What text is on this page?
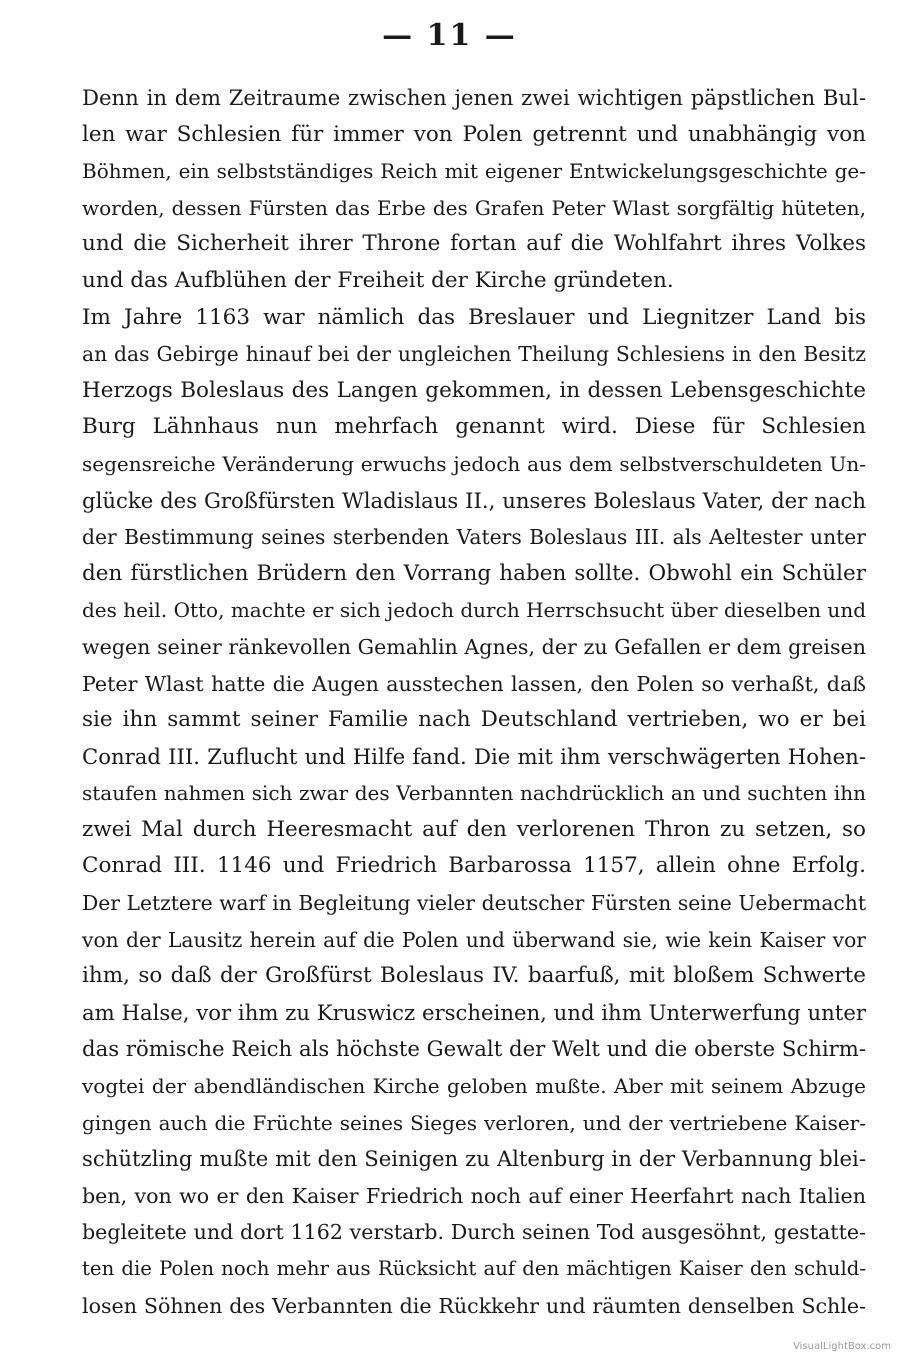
— 11 —
Denn in dem Zeitraume zwischen jenen zwei wichtigen päpstlichen Bul-
len war Schlesien für immer von Polen getrennt und unabhängig von
Böhmen, ein selbstständiges Reich mit eigener Entwickelungsgeschichte ge-
worden, dessen Fürsten das Erbe des Grafen Peter Wlast sorgfältig hüteten,
und die Sicherheit ihrer Throne fortan auf die Wohlfahrt ihres Volkes
und das Aufblühen der Freiheit der Kirche gründeten.
Im Jahre 1163 war nämlich das Breslauer und Liegnitzer Land bis
an das Gebirge hinauf bei der ungleichen Theilung Schlesiens in den Besitz
Herzogs Boleslaus des Langen gekommen, in dessen Lebensgeschichte
Burg Lähnhaus nun mehrfach genannt wird. Diese für Schlesien
segensreiche Veränderung erwuchs jedoch aus dem selbstverschuldeten Un-
glücke des Großfürsten Wladislaus II., unseres Boleslaus Vater, der nach
der Bestimmung seines sterbenden Vaters Boleslaus III. als Aeltester unter
den fürstlichen Brüdern den Vorrang haben sollte. Obwohl ein Schüler
des heil. Otto, machte er sich jedoch durch Herrschsucht über dieselben und
wegen seiner ränkevollen Gemahlin Agnes, der zu Gefallen er dem greisen
Peter Wlast hatte die Augen ausstechen lassen, den Polen so verhaßt, daß
sie ihn sammt seiner Familie nach Deutschland vertrieben, wo er bei
Conrad III. Zuflucht und Hilfe fand. Die mit ihm verschwägerten Hohen-
staufen nahmen sich zwar des Verbannten nachdrücklich an und suchten ihn
zwei Mal durch Heeresmacht auf den verlorenen Thron zu setzen, so
Conrad III. 1146 und Friedrich Barbarossa 1157, allein ohne Erfolg.
Der Letztere warf in Begleitung vieler deutscher Fürsten seine Uebermacht
von der Lausitz herein auf die Polen und überwand sie, wie kein Kaiser vor
ihm, so daß der Großfürst Boleslaus IV. baarfuß, mit bloßem Schwerte
am Halse, vor ihm zu Kruswicz erscheinen, und ihm Unterwerfung unter
das römische Reich als höchste Gewalt der Welt und die oberste Schirm-
vogtei der abendländischen Kirche geloben mußte. Aber mit seinem Abzuge
gingen auch die Früchte seines Sieges verloren, und der vertriebene Kaiser-
schützling mußte mit den Seinigen zu Altenburg in der Verbannung blei-
ben, von wo er den Kaiser Friedrich noch auf einer Heerfahrt nach Italien
begleitete und dort 1162 verstarb. Durch seinen Tod ausgesöhnt, gestatte-
ten die Polen noch mehr aus Rücksicht auf den mächtigen Kaiser den schuld-
losen Söhnen des Verbannten die Rückkehr und räumten denselben Schle-
VisualLightBox.com
